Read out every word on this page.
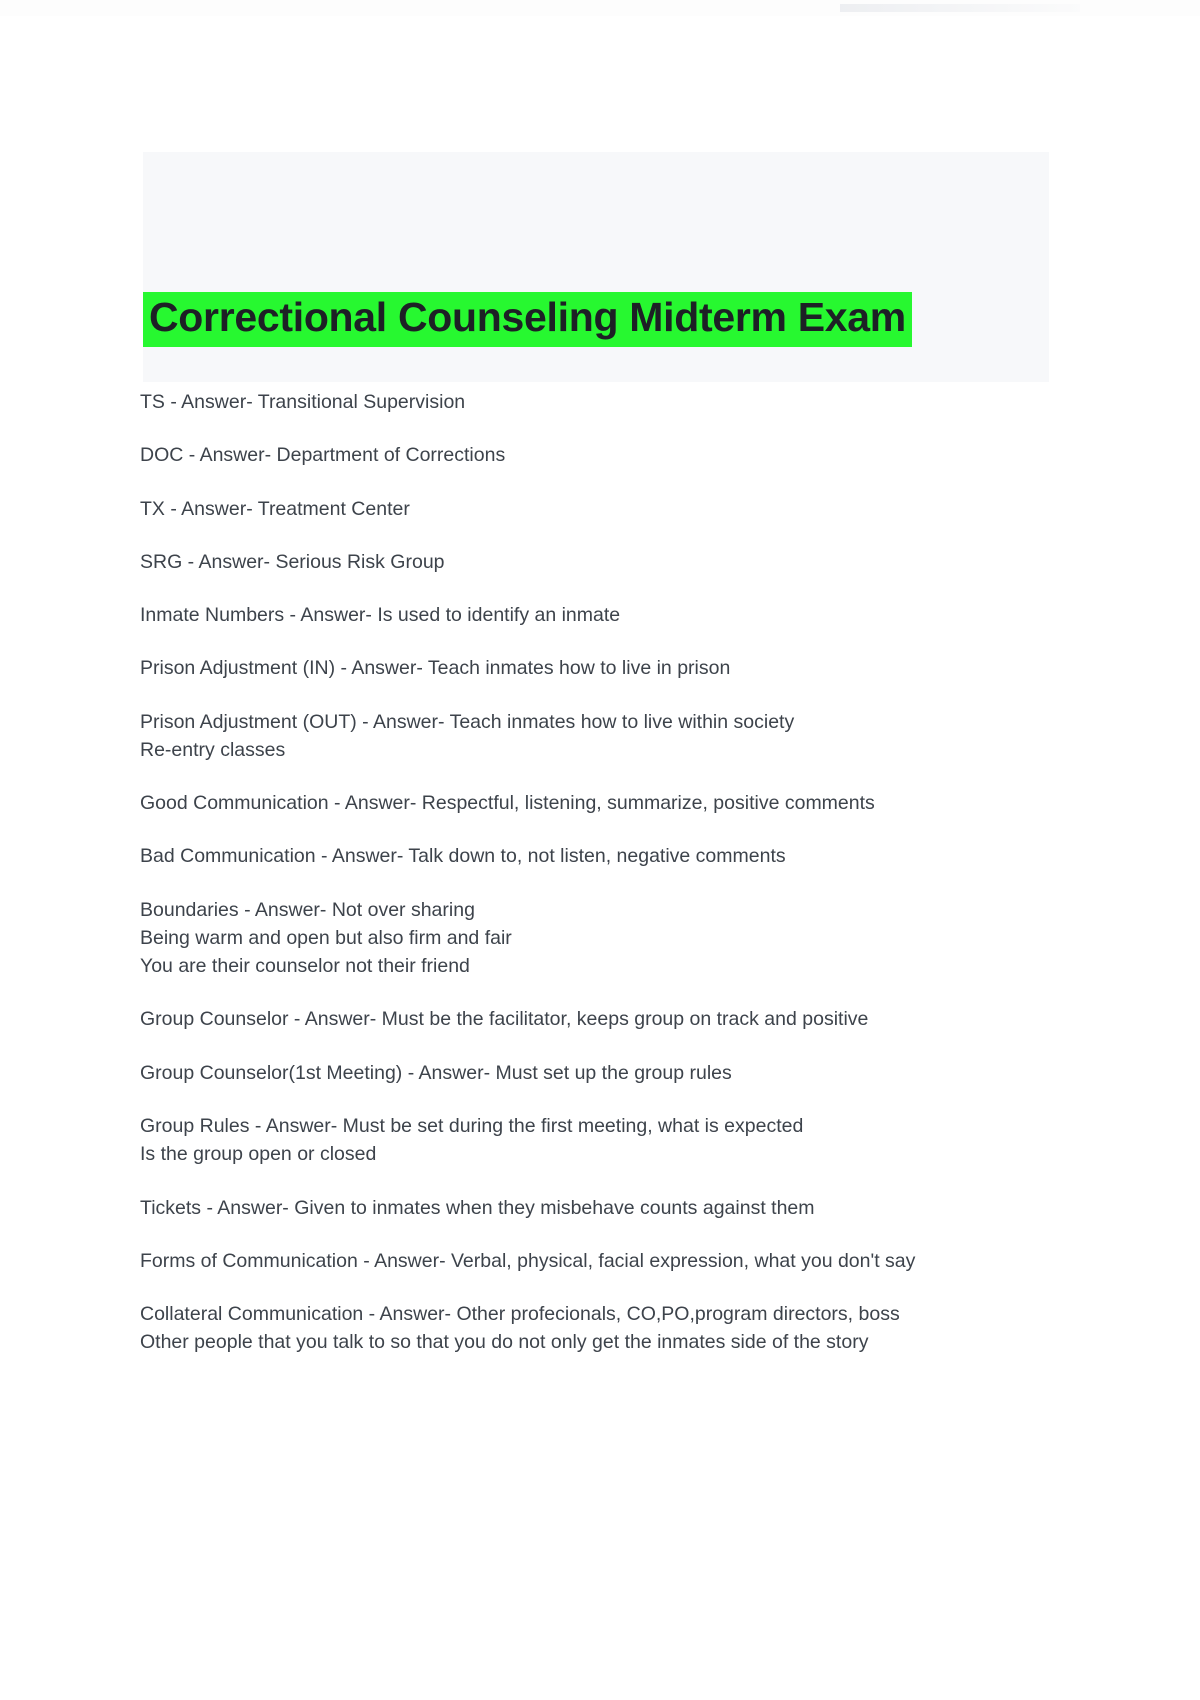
Correctional Counseling Midterm Exam

TS - Answer- Transitional Supervision

DOC - Answer- Department of Corrections

TX - Answer- Treatment Center

SRG - Answer- Serious Risk Group

Inmate Numbers - Answer- Is used to identify an inmate

Prison Adjustment (IN) - Answer- Teach inmates how to live in prison

Prison Adjustment (OUT) - Answer- Teach inmates how to live within society
Re-entry classes

Good Communication - Answer- Respectful, listening, summarize, positive comments

Bad Communication - Answer- Talk down to, not listen, negative comments

Boundaries - Answer- Not over sharing
Being warm and open but also firm and fair
You are their counselor not their friend

Group Counselor - Answer- Must be the facilitator, keeps group on track and positive

Group Counselor(1st Meeting) - Answer- Must set up the group rules

Group Rules - Answer- Must be set during the first meeting, what is expected
Is the group open or closed

Tickets - Answer- Given to inmates when they misbehave counts against them

Forms of Communication - Answer- Verbal, physical, facial expression, what you don't say

Collateral Communication - Answer- Other profecionals, CO,PO,program directors, boss
Other people that you talk to so that you do not only get the inmates side of the story
